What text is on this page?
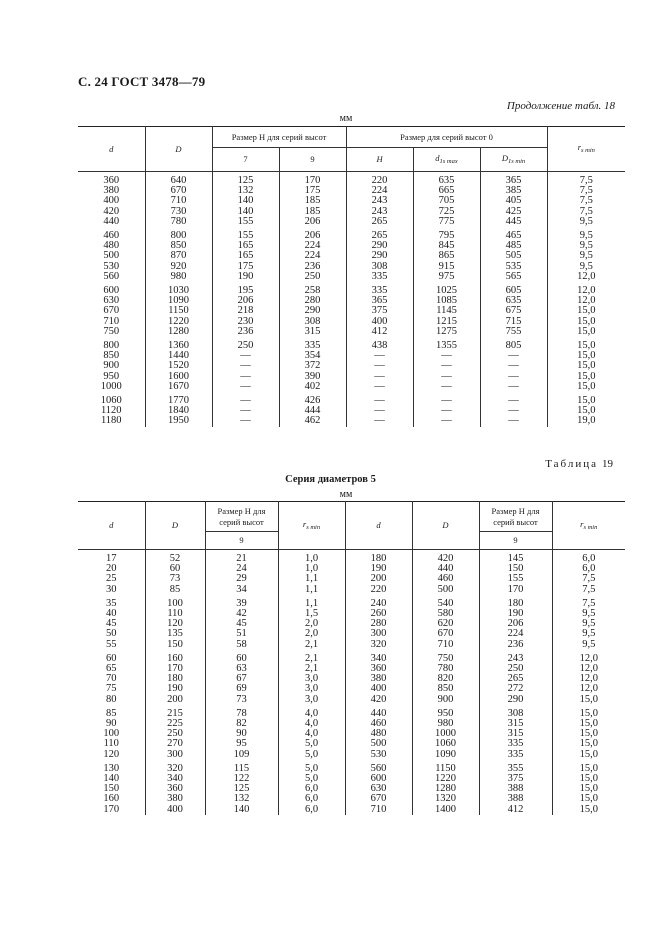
С. 24 ГОСТ 3478—79
Продолжение табл. 18
мм
d	D	Размер H для серий высот		Размер для серий высот 0			$r_{s min}$
		7	9	H	$d_{1s max}$	$D_{1s min}$
360	640	125	170	220	635	365	7,5
380	670	132	175	224	665	385	7,5
400	710	140	185	243	705	405	7,5
420	730	140	185	243	725	425	7,5
440	780	155	206	265	775	445	9,5
460	800	155	206	265	795	465	9,5
480	850	165	224	290	845	485	9,5
500	870	165	224	290	865	505	9,5
530	920	175	236	308	915	535	9,5
560	980	190	250	335	975	565	12,0
600	1030	195	258	335	1025	605	12,0
630	1090	206	280	365	1085	635	12,0
670	1150	218	290	375	1145	675	15,0
710	1220	230	308	400	1215	715	15,0
750	1280	236	315	412	1275	755	15,0
800	1360	250	335	438	1355	805	15,0
850	1440	—	354	—	—	—	15,0
900	1520	—	372	—	—	—	15,0
950	1600	—	390	—	—	—	15,0
1000	1670	—	402	—	—	—	15,0
1060	1770	—	426	—	—	—	15,0
1120	1840	—	444	—	—	—	15,0
1180	1950	—	462	—	—	—	19,0
Таблица 19
Серия диаметров 5
мм
d	D	Размер H для серий высот	$r_{s min}$	d	D	Размер H для серий высот	$r_{s min}$
		9				9	
17	52	21	1,0	180	420	145	6,0
20	60	24	1,0	190	440	150	6,0
25	73	29	1,1	200	460	155	7,5
30	85	34	1,1	220	500	170	7,5
35	100	39	1,1	240	540	180	7,5
40	110	42	1,5	260	580	190	9,5
45	120	45	2,0	280	620	206	9,5
50	135	51	2,0	300	670	224	9,5
55	150	58	2,1	320	710	236	9,5
60	160	60	2,1	340	750	243	12,0
65	170	63	2,1	360	780	250	12,0
70	180	67	3,0	380	820	265	12,0
75	190	69	3,0	400	850	272	12,0
80	200	73	3,0	420	900	290	15,0
85	215	78	4,0	440	950	308	15,0
90	225	82	4,0	460	980	315	15,0
100	250	90	4,0	480	1000	315	15,0
110	270	95	5,0	500	1060	335	15,0
120	300	109	5,0	530	1090	335	15,0
130	320	115	5,0	560	1150	355	15,0
140	340	122	5,0	600	1220	375	15,0
150	360	125	6,0	630	1280	388	15,0
160	380	132	6,0	670	1320	388	15,0
170	400	140	6,0	710	1400	412	15,0
